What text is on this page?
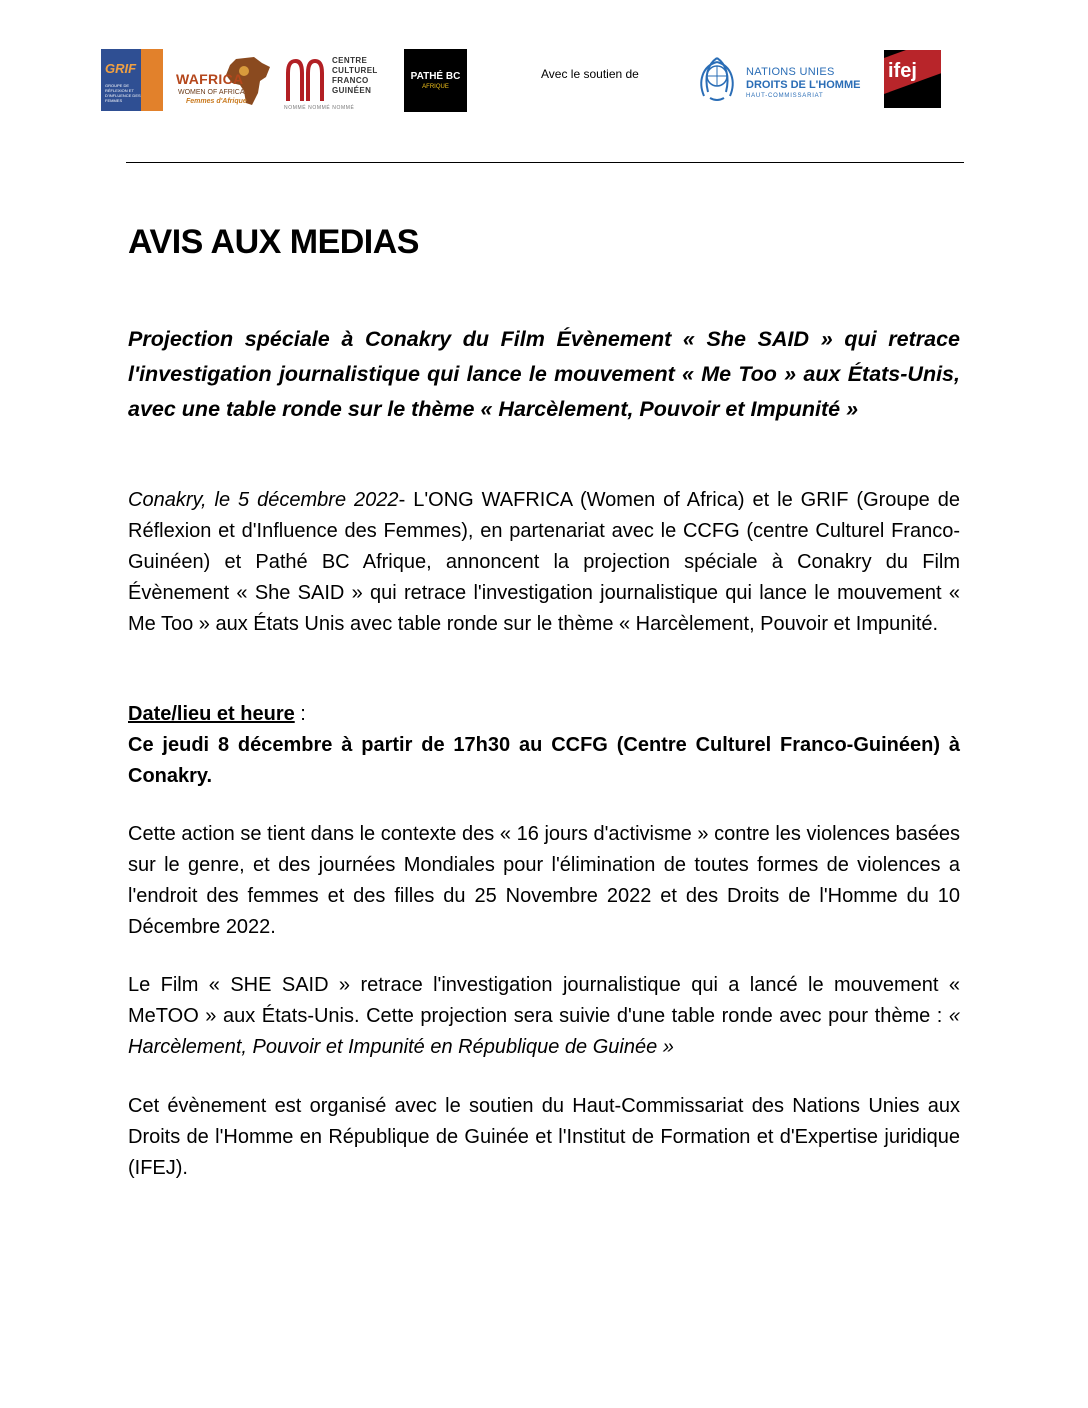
GRIF
GROUPE DE RÉFLEXION ET D'INFLUENCE DES FEMMES
WAFRICA
WOMEN OF AFRICA
Femmes d'Afrique
CENTRE
CULTUREL
FRANCO
GUINÉEN
NOMMÉ NOMMÉ NOMMÉ
PATHÉ BC
AFRIQUE
Avec le soutien de	NATIONS UNIES
DROITS DE L'HOMME
HAUT-COMMISSARIAT
ifej
AVIS AUX MEDIAS

Projection spéciale à Conakry du Film Évènement « She SAID » qui retrace l'investigation journalistique qui lance le mouvement « Me Too » aux États-Unis, avec une table ronde sur le thème « Harcèlement, Pouvoir et Impunité »

Conakry, le 5 décembre 2022- L'ONG WAFRICA (Women of Africa) et le GRIF (Groupe de Réflexion et d'Influence des Femmes), en partenariat avec le CCFG (centre Culturel Franco-Guinéen) et Pathé BC Afrique, annoncent la projection spéciale à Conakry du Film Évènement « She SAID » qui retrace l'investigation journalistique qui lance le mouvement « Me Too » aux États Unis avec table ronde sur le thème « Harcèlement, Pouvoir et Impunité.

Date/lieu et heure :
Ce jeudi 8 décembre à partir de 17h30 au CCFG (Centre Culturel Franco-Guinéen) à Conakry.

Cette action se tient dans le contexte des « 16 jours d'activisme » contre les violences basées sur le genre, et des journées Mondiales pour l'élimination de toutes formes de violences a l'endroit des femmes et des filles du 25 Novembre 2022 et des Droits de l'Homme du 10 Décembre 2022.

Le Film « SHE SAID » retrace l'investigation journalistique qui a lancé le mouvement « MeTOO » aux États-Unis. Cette projection sera suivie d'une table ronde avec pour thème : « Harcèlement, Pouvoir et Impunité en République de Guinée »

Cet évènement est organisé avec le soutien du Haut-Commissariat des Nations Unies aux Droits de l'Homme en République de Guinée et l'Institut de Formation et d'Expertise juridique (IFEJ).
